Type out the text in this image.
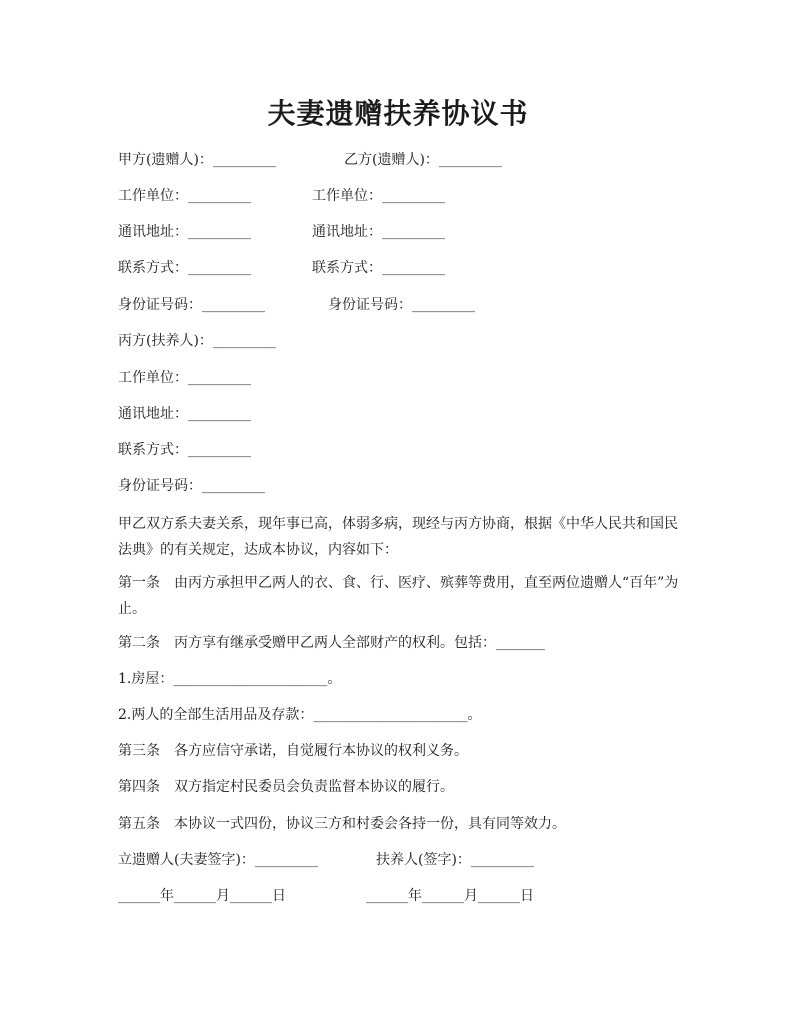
夫妻遗赠扶养协议书
甲方(遗赠人)：_________	乙方(遗赠人)：_________
工作单位：_________	工作单位：_________
通讯地址：_________	通讯地址：_________
联系方式：_________	联系方式：_________
身份证号码：_________	身份证号码：_________
丙方(扶养人)：_________
工作单位：_________
通讯地址：_________
联系方式：_________
身份证号码：_________
甲乙双方系夫妻关系，现年事已高，体弱多病，现经与丙方协商，根据《中华人民共和国民法典》的有关规定，达成本协议，内容如下：
第一条　由丙方承担甲乙两人的衣、食、行、医疗、殡葬等费用，直至两位遗赠人“百年”为止。
第二条　丙方享有继承受赠甲乙两人全部财产的权利。包括：_______
1.房屋：______________________。
2.两人的全部生活用品及存款：______________________。
第三条　各方应信守承诺，自觉履行本协议的权利义务。
第四条　双方指定村民委员会负责监督本协议的履行。
第五条　本协议一式四份，协议三方和村委会各持一份，具有同等效力。
立遗赠人(夫妻签字)：_________	扶养人(签字)：_________
______年______月______日	______年______月______日
